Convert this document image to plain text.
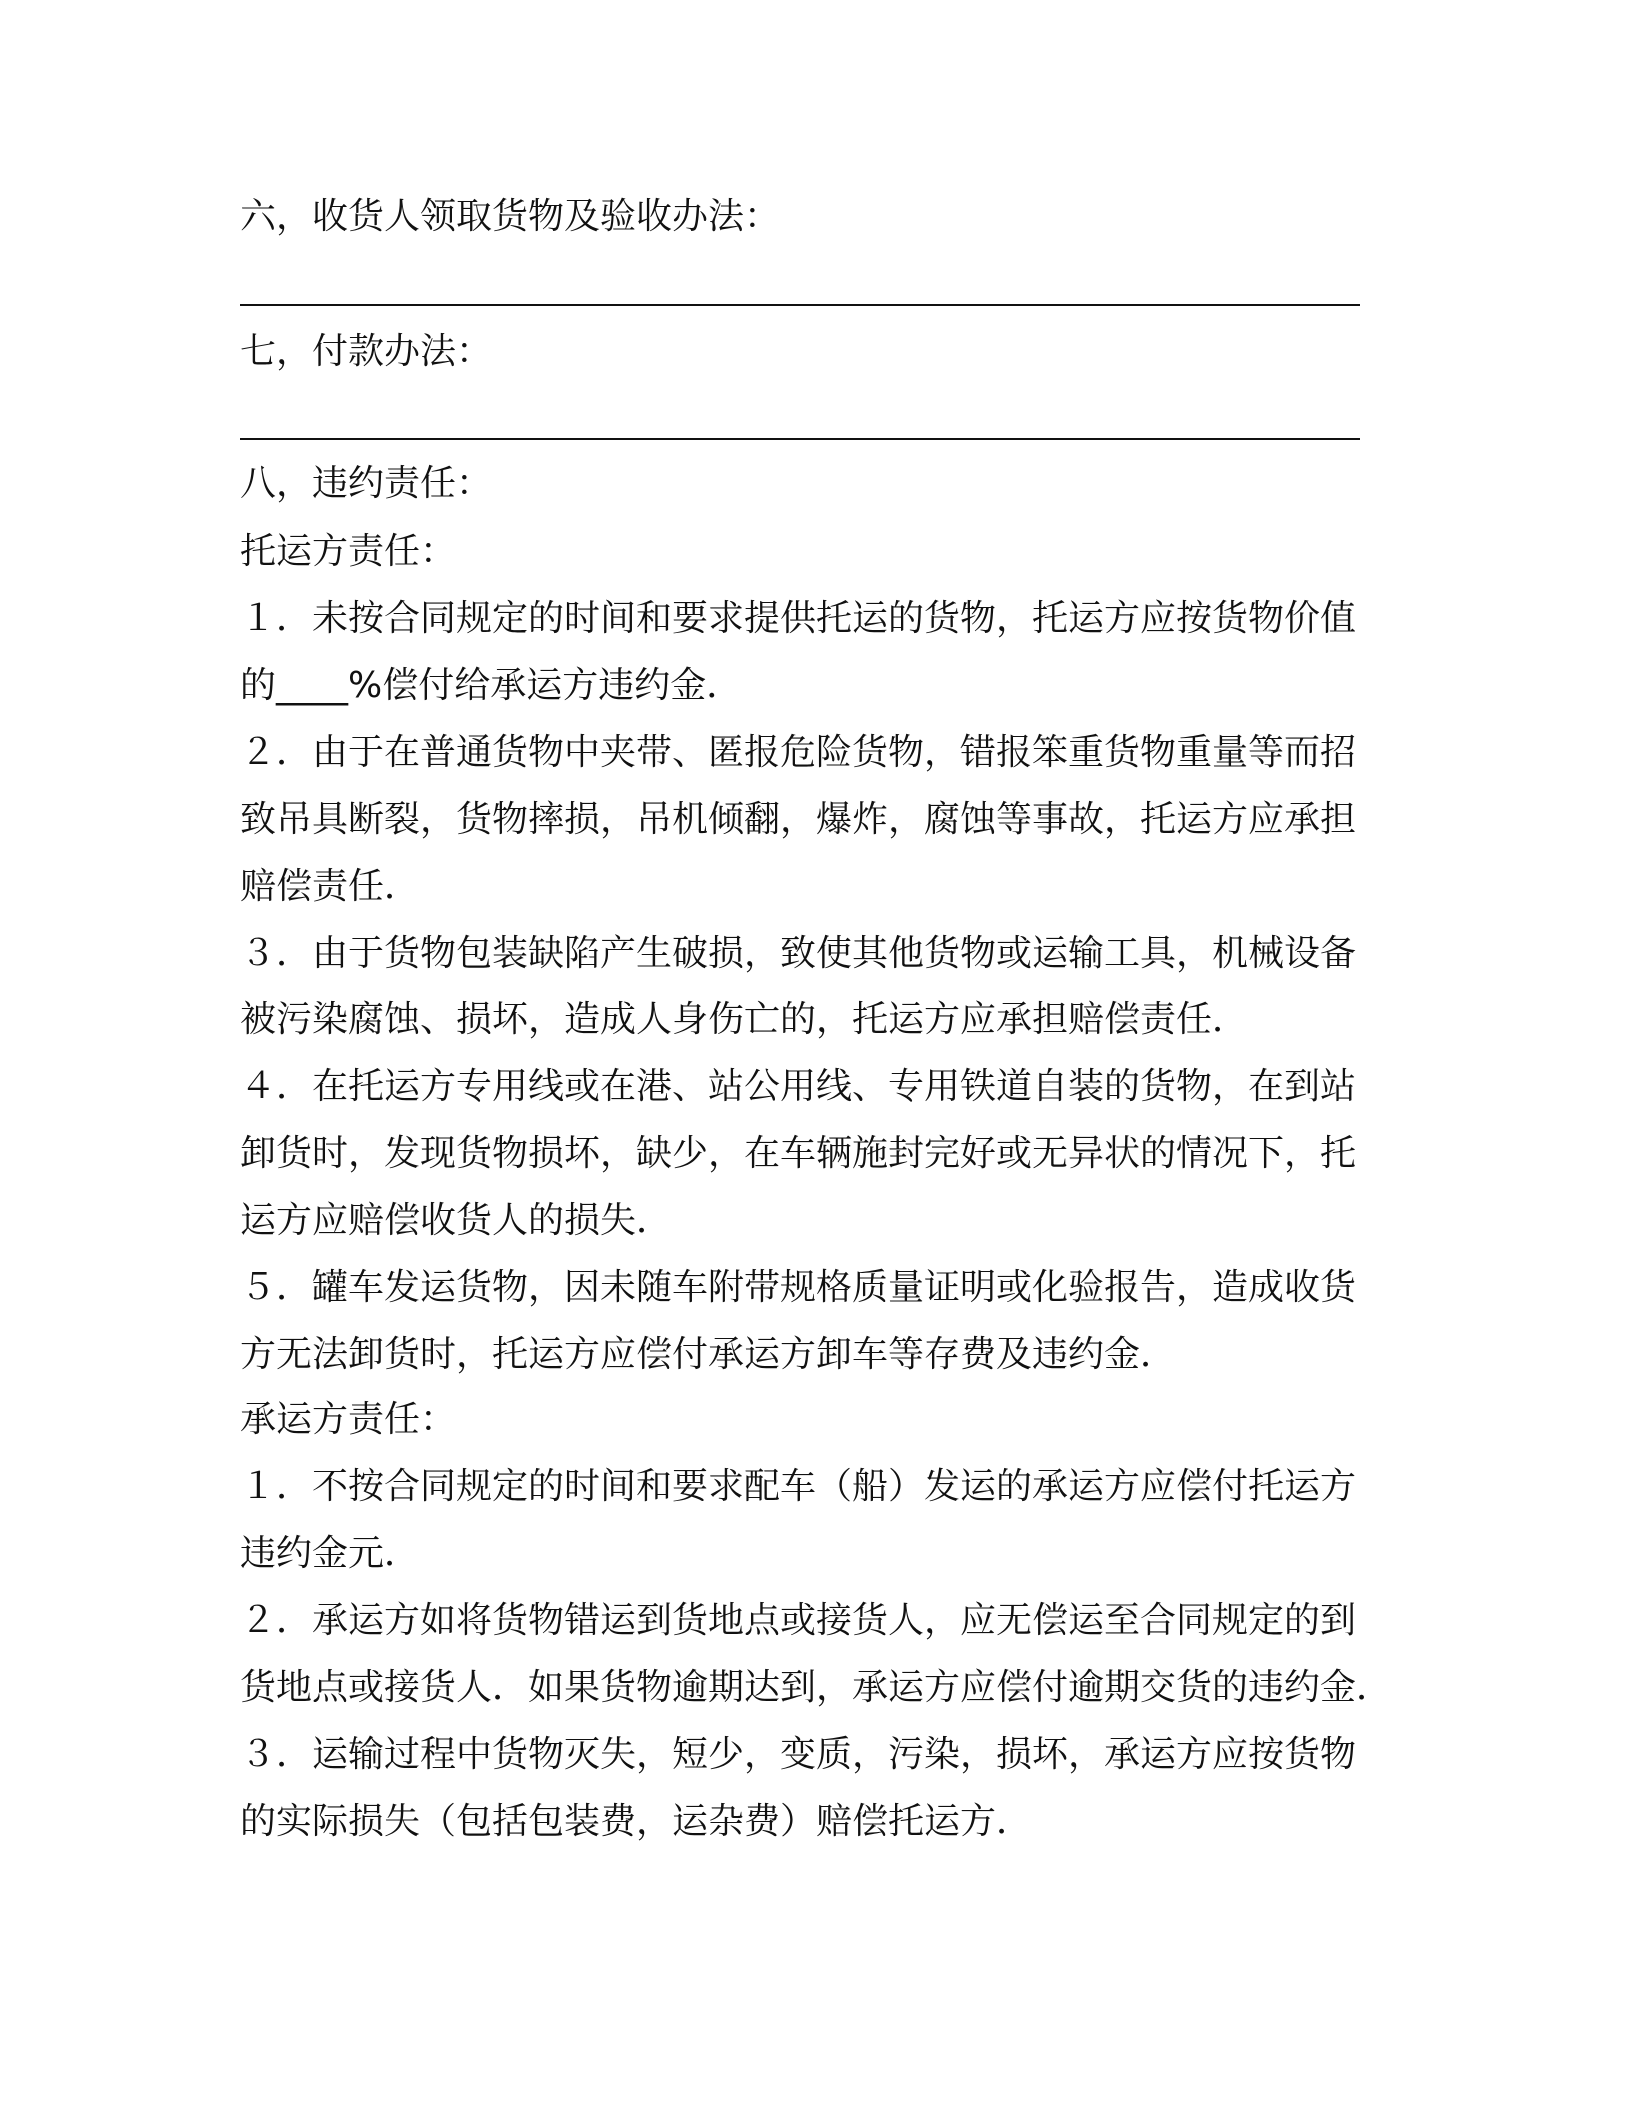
六，收货人领取货物及验收办法：
七，付款办法：
八，违约责任：
托运方责任：
１．未按合同规定的时间和要求提供托运的货物，托运方应按货物价值
的____%偿付给承运方违约金．
２．由于在普通货物中夹带、匿报危险货物，错报笨重货物重量等而招
致吊具断裂，货物摔损，吊机倾翻，爆炸，腐蚀等事故，托运方应承担
赔偿责任．
３．由于货物包装缺陷产生破损，致使其他货物或运输工具，机械设备
被污染腐蚀、损坏，造成人身伤亡的，托运方应承担赔偿责任．
４．在托运方专用线或在港、站公用线、专用铁道自装的货物，在到站
卸货时，发现货物损坏，缺少，在车辆施封完好或无异状的情况下，托
运方应赔偿收货人的损失．
５．罐车发运货物，因未随车附带规格质量证明或化验报告，造成收货
方无法卸货时，托运方应偿付承运方卸车等存费及违约金．
承运方责任：
１．不按合同规定的时间和要求配车（船）发运的承运方应偿付托运方
违约金元．
２．承运方如将货物错运到货地点或接货人，应无偿运至合同规定的到
货地点或接货人．如果货物逾期达到，承运方应偿付逾期交货的违约金．
３．运输过程中货物灭失，短少，变质，污染，损坏，承运方应按货物
的实际损失（包括包装费，运杂费）赔偿托运方．
